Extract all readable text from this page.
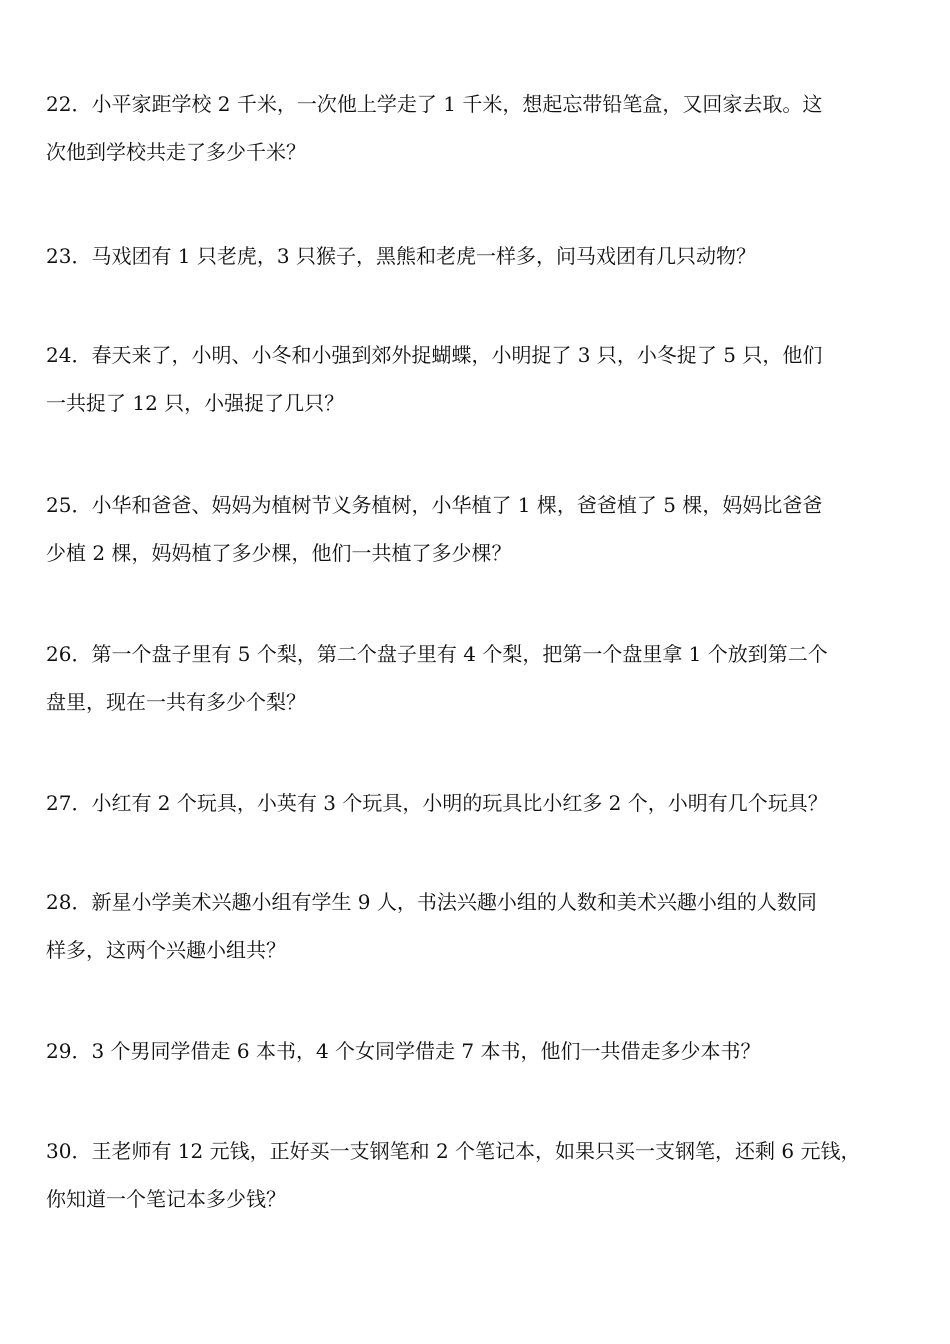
22．小平家距学校 2 千米，一次他上学走了 1 千米，想起忘带铅笔盒，又回家去取。这
次他到学校共走了多少千米？
23．马戏团有 1 只老虎，3 只猴子，黑熊和老虎一样多，问马戏团有几只动物？
24．春天来了，小明、小冬和小强到郊外捉蝴蝶，小明捉了 3 只，小冬捉了 5 只，他们
一共捉了 12 只，小强捉了几只？
25．小华和爸爸、妈妈为植树节义务植树，小华植了 1 棵，爸爸植了 5 棵，妈妈比爸爸
少植 2 棵，妈妈植了多少棵，他们一共植了多少棵？
26．第一个盘子里有 5 个梨，第二个盘子里有 4 个梨，把第一个盘里拿 1 个放到第二个
盘里，现在一共有多少个梨？
27．小红有 2 个玩具，小英有 3 个玩具，小明的玩具比小红多 2 个，小明有几个玩具？
28．新星小学美术兴趣小组有学生 9 人，书法兴趣小组的人数和美术兴趣小组的人数同
样多，这两个兴趣小组共？
29．3 个男同学借走 6 本书，4 个女同学借走 7 本书，他们一共借走多少本书？
30．王老师有 12 元钱，正好买一支钢笔和 2 个笔记本，如果只买一支钢笔，还剩 6 元钱，
你知道一个笔记本多少钱？
